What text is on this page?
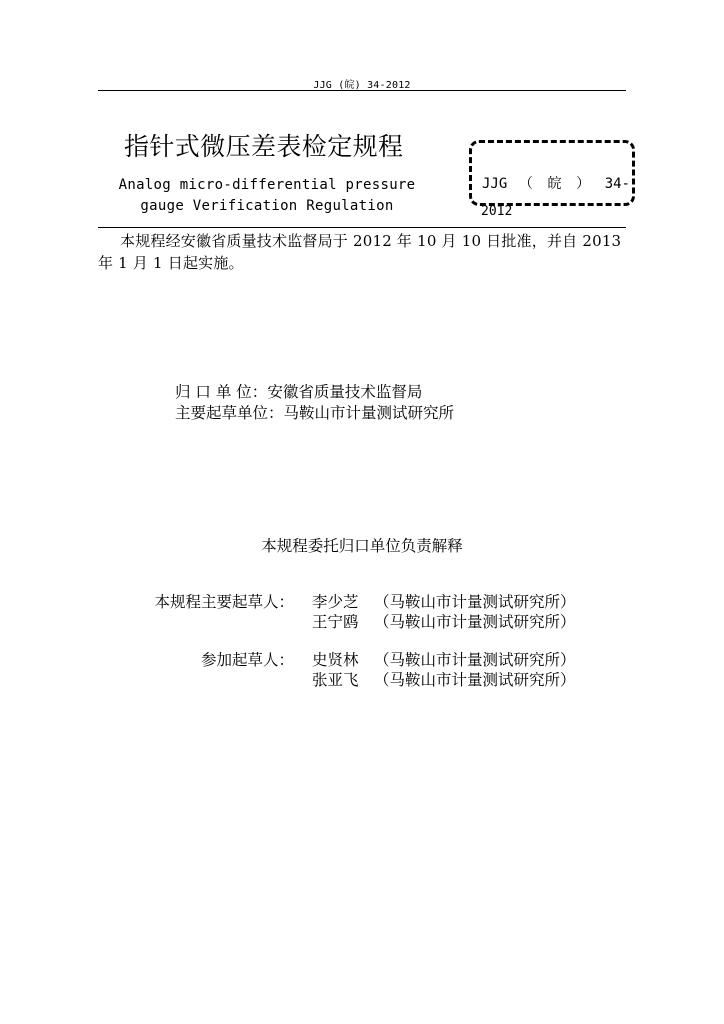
JJG (皖) 34-2012
指针式微压差表检定规程
Analog micro-differential pressure
gauge Verification Regulation
JJG （ 皖 ） 34-
2012
本规程经安徽省质量技术监督局于 2012 年 10 月 10 日批准，并自 2013 年 1 月 1 日起实施。
归 口 单 位：安徽省质量技术监督局
主要起草单位：马鞍山市计量测试研究所
本规程委托归口单位负责解释
本规程主要起草人： 李少芝 （马鞍山市计量测试研究所）
王宁鸥 （马鞍山市计量测试研究所）
参加起草人： 史贤林 （马鞍山市计量测试研究所）
张亚飞 （马鞍山市计量测试研究所）
